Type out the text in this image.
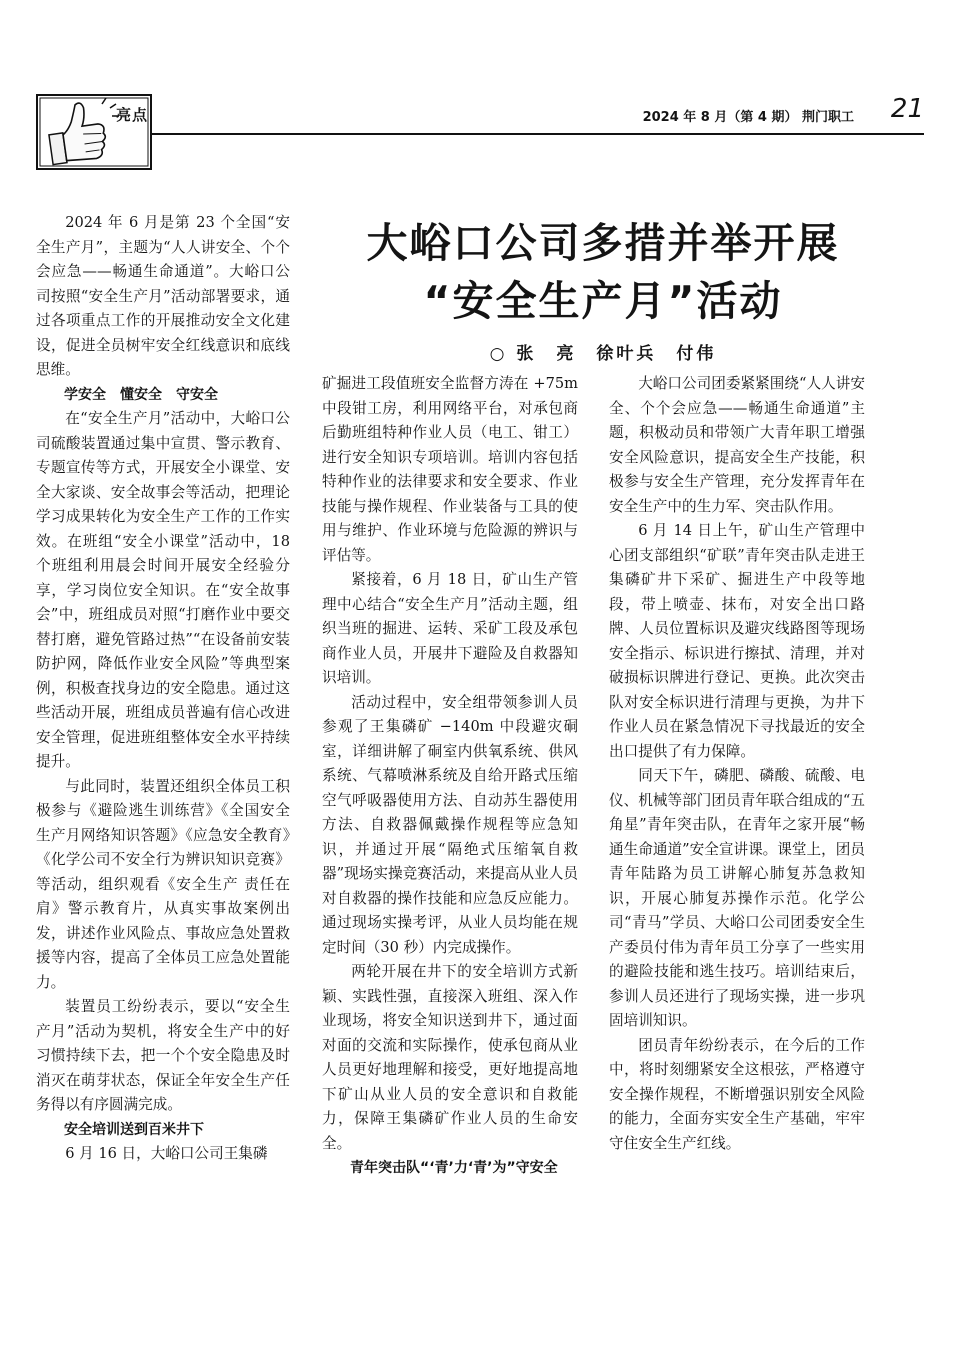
亮点	2024 年 8 月（第 4 期） 荆门职工 21
大峪口公司多措并举开展
“安全生产月”活动
○ 张　亮　徐叶兵　付伟

2024 年 6 月是第 23 个全国“安全生产月”，主题为“人人讲安全、个个会应急——畅通生命通道”。大峪口公司按照“安全生产月”活动部署要求，通过各项重点工作的开展推动安全文化建设，促进全员树牢安全红线意识和底线思维。

学安全　懂安全　守安全

在“安全生产月”活动中，大峪口公司硫酸装置通过集中宣贯、警示教育、专题宣传等方式，开展安全小课堂、安全大家谈、安全故事会等活动，把理论学习成果转化为安全生产工作的工作实效。在班组“安全小课堂”活动中，18 个班组利用晨会时间开展安全经验分享，学习岗位安全知识。在“安全故事会”中，班组成员对照“打磨作业中要交替打磨，避免管路过热”“在设备前安装防护网，降低作业安全风险”等典型案例，积极查找身边的安全隐患。通过这些活动开展，班组成员普遍有信心改进安全管理，促进班组整体安全水平持续提升。

与此同时，装置还组织全体员工积极参与《避险逃生训练营》《全国安全生产月网络知识答题》《应急安全教育》《化学公司不安全行为辨识知识竞赛》等活动，组织观看《安全生产 责任在肩》警示教育片，从真实事故案例出发，讲述作业风险点、事故应急处置救援等内容，提高了全体员工应急处置能力。

装置员工纷纷表示，要以“安全生产月”活动为契机，将安全生产中的好习惯持续下去，把一个个安全隐患及时消灭在萌芽状态，保证全年安全生产任务得以有序圆满完成。

安全培训送到百米井下

6 月 16 日，大峪口公司王集磷

矿掘进工段值班安全监督方涛在 +75m 中段钳工房，利用网络平台，对承包商后勤班组特种作业人员（电工、钳工）进行安全知识专项培训。培训内容包括特种作业的法律要求和安全要求、作业技能与操作规程、作业装备与工具的使用与维护、作业环境与危险源的辨识与评估等。

紧接着，6 月 18 日，矿山生产管理中心结合“安全生产月”活动主题，组织当班的掘进、运转、采矿工段及承包商作业人员，开展井下避险及自救器知识培训。

活动过程中，安全组带领参训人员参观了王集磷矿 −140m 中段避灾硐室，详细讲解了硐室内供氧系统、供风系统、气幕喷淋系统及自给开路式压缩空气呼吸器使用方法、自动苏生器使用方法、自救器佩戴操作规程等应急知识，并通过开展“隔绝式压缩氧自救器”现场实操竞赛活动，来提高从业人员对自救器的操作技能和应急反应能力。通过现场实操考评，从业人员均能在规定时间（30 秒）内完成操作。

两轮开展在井下的安全培训方式新颖、实践性强，直接深入班组、深入作业现场，将安全知识送到井下，通过面对面的交流和实际操作，使承包商从业人员更好地理解和接受，更好地提高地下矿山从业人员的安全意识和自救能力，保障王集磷矿作业人员的生命安全。

青年突击队“‘青’力‘青’为”守安全

大峪口公司团委紧紧围绕“人人讲安全、个个会应急——畅通生命通道”主题，积极动员和带领广大青年职工增强安全风险意识，提高安全生产技能，积极参与安全生产管理，充分发挥青年在安全生产中的生力军、突击队作用。

6 月 14 日上午，矿山生产管理中心团支部组织“矿联”青年突击队走进王集磷矿井下采矿、掘进生产中段等地段，带上喷壶、抹布，对安全出口路牌、人员位置标识及避灾线路图等现场安全指示、标识进行擦拭、清理，并对破损标识牌进行登记、更换。此次突击队对安全标识进行清理与更换，为井下作业人员在紧急情况下寻找最近的安全出口提供了有力保障。

同天下午，磷肥、磷酸、硫酸、电仪、机械等部门团员青年联合组成的“五角星”青年突击队，在青年之家开展“畅通生命通道”安全宣讲课。课堂上，团员青年陆路为员工讲解心肺复苏急救知识，开展心肺复苏操作示范。化学公司“青马”学员、大峪口公司团委安全生产委员付伟为青年员工分享了一些实用的避险技能和逃生技巧。培训结束后，参训人员还进行了现场实操，进一步巩固培训知识。

团员青年纷纷表示，在今后的工作中，将时刻绷紧安全这根弦，严格遵守安全操作规程，不断增强识别安全风险的能力，全面夯实安全生产基础，牢牢守住安全生产红线。
